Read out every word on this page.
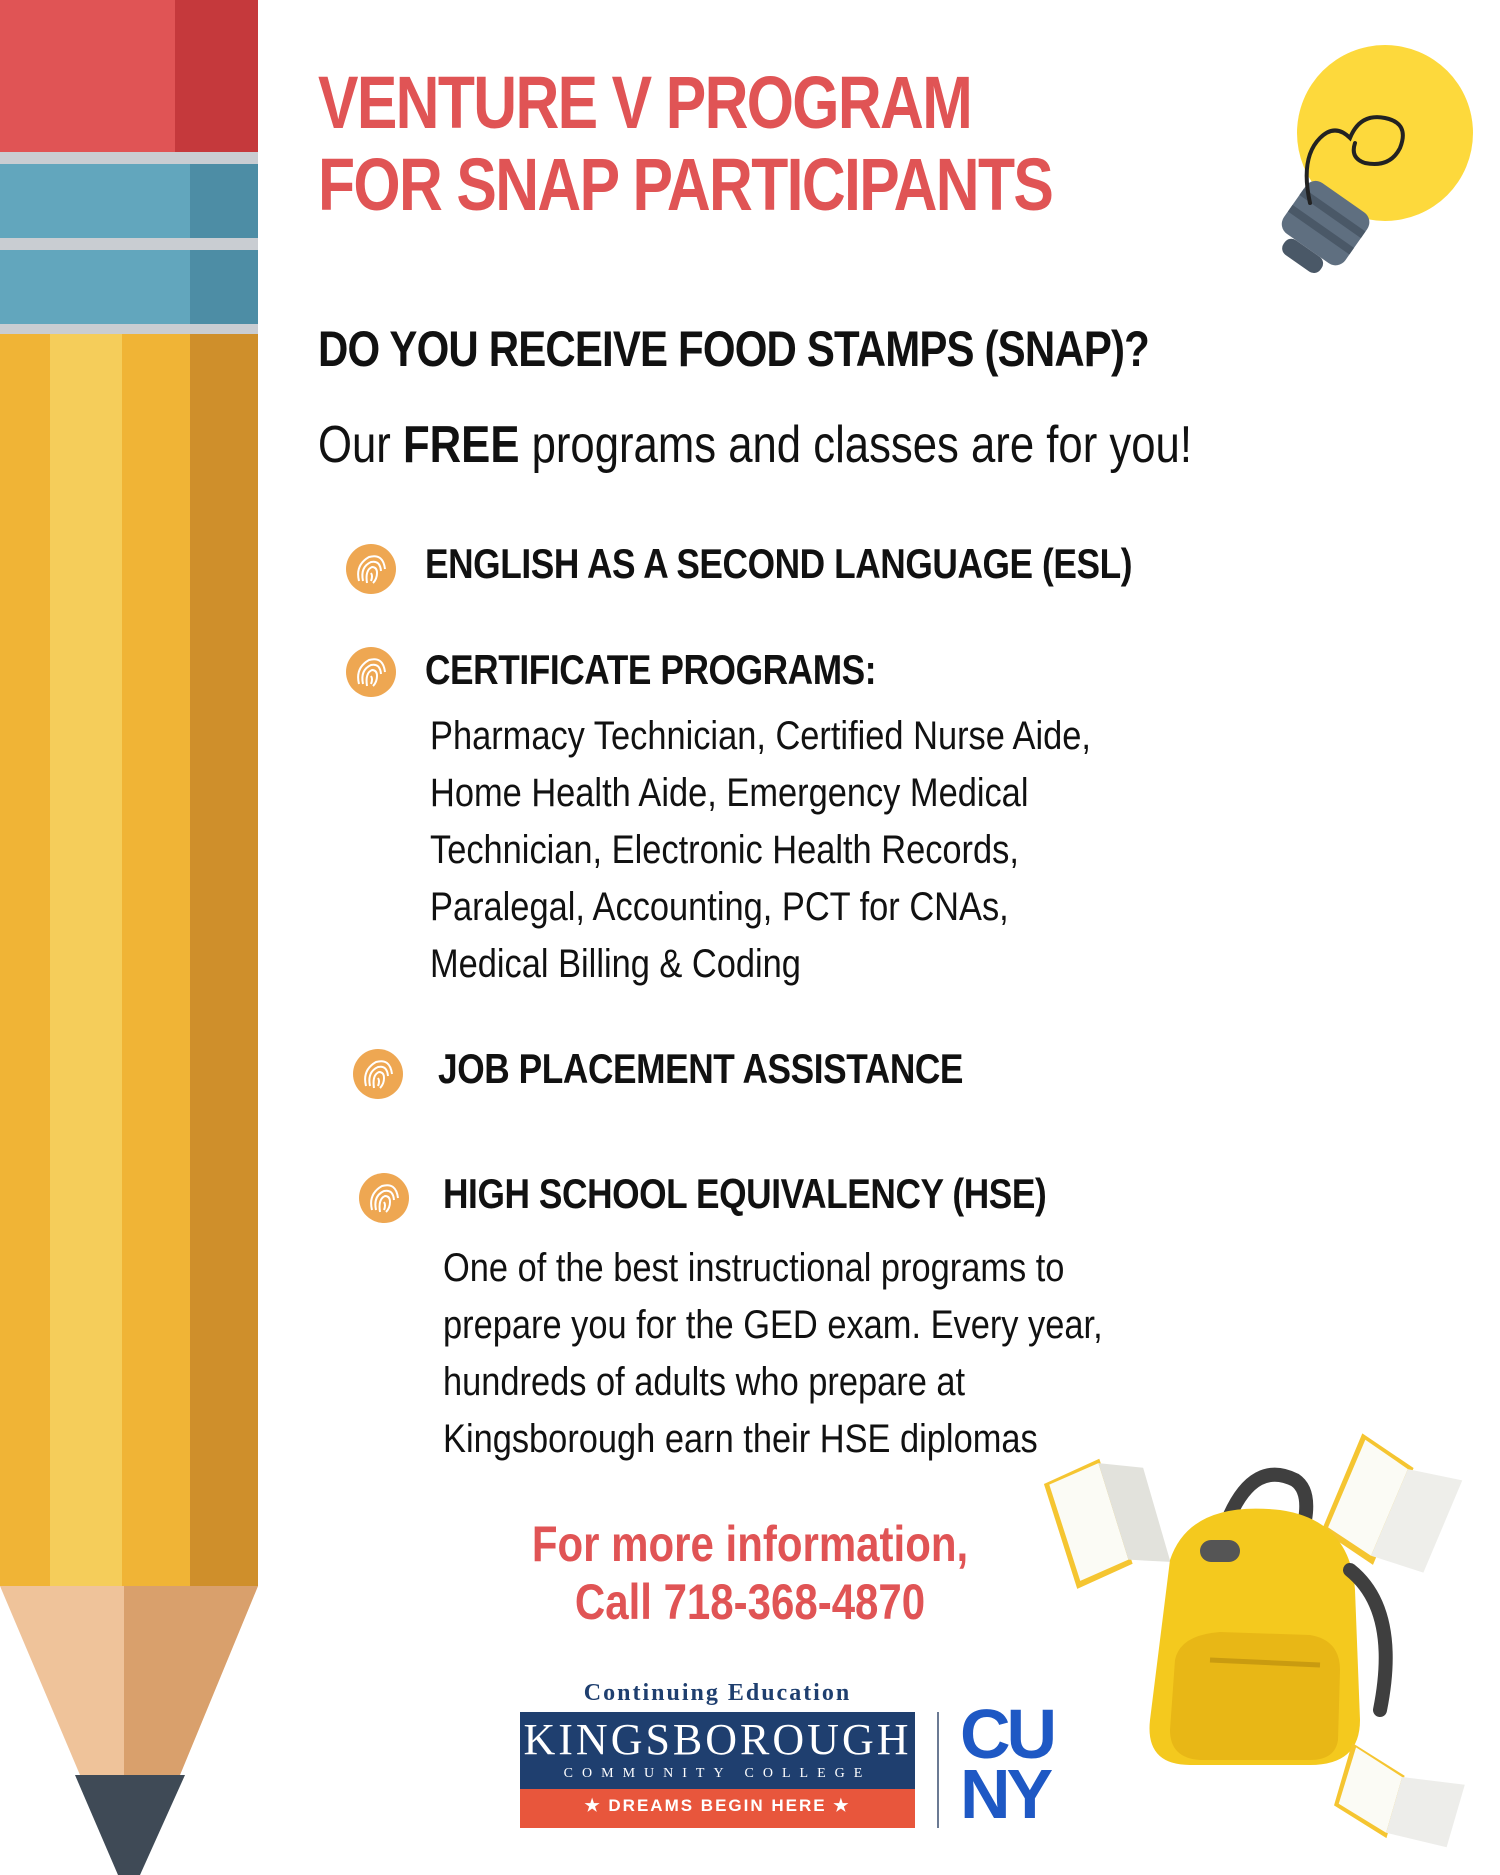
VENTURE V PROGRAM
FOR SNAP PARTICIPANTS
DO YOU RECEIVE FOOD STAMPS (SNAP)?
Our FREE programs and classes are for you!
ENGLISH AS A SECOND LANGUAGE (ESL)
CERTIFICATE PROGRAMS:
Pharmacy Technician, Certified Nurse Aide,
Home Health Aide, Emergency Medical
Technician, Electronic Health Records,
Paralegal, Accounting, PCT for CNAs,
Medical Billing & Coding
JOB PLACEMENT ASSISTANCE
HIGH SCHOOL EQUIVALENCY (HSE)
One of the best instructional programs to
prepare you for the GED exam. Every year,
hundreds of adults who prepare at
Kingsborough earn their HSE diplomas
For more information,
Call 718-368-4870
Continuing Education
KINGSBOROUGH
COMMUNITY COLLEGE
★ DREAMS BEGIN HERE ★
CU
NY
